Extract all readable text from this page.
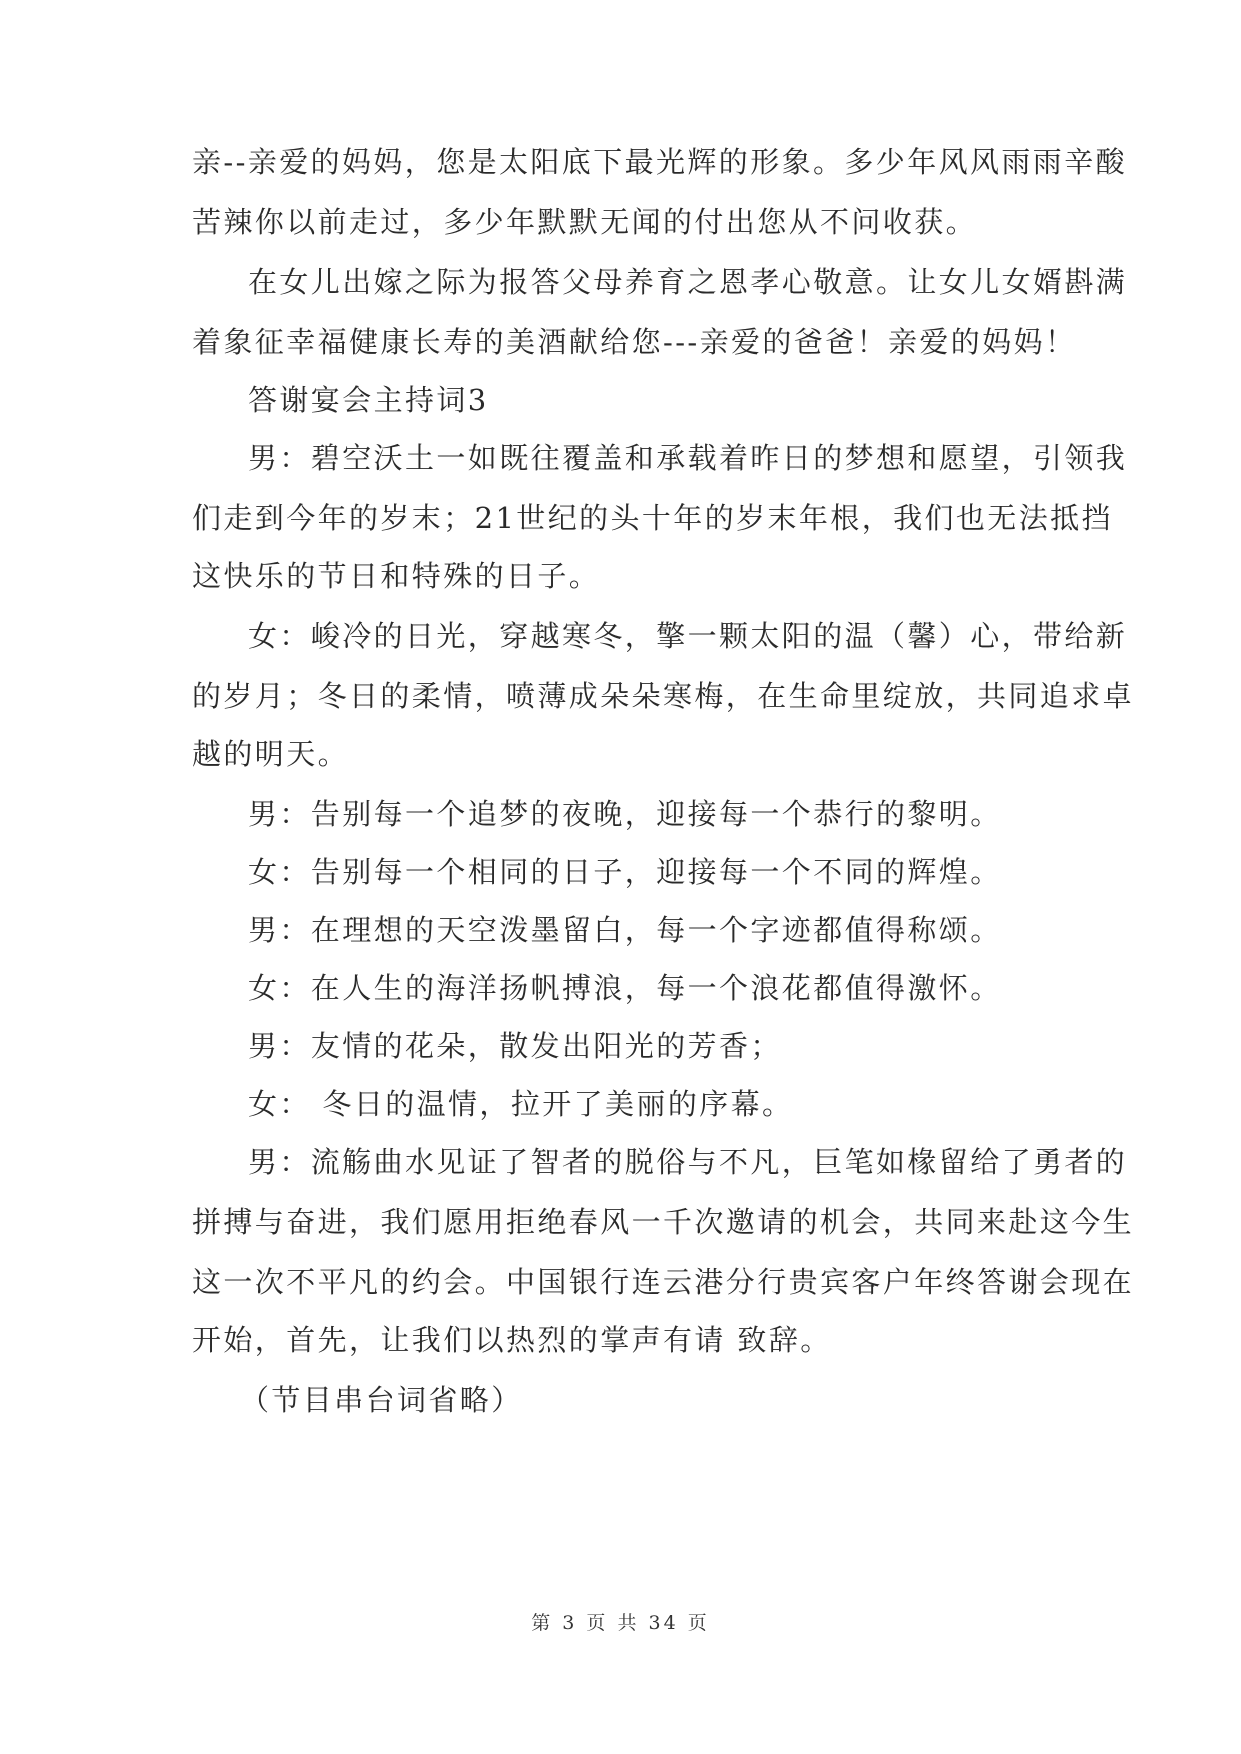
亲--亲爱的妈妈，您是太阳底下最光辉的形象。多少年风风雨雨辛酸
苦辣你以前走过，多少年默默无闻的付出您从不问收获。
在女儿出嫁之际为报答父母养育之恩孝心敬意。让女儿女婿斟满
着象征幸福健康长寿的美酒献给您---亲爱的爸爸！亲爱的妈妈！
答谢宴会主持词3
男：碧空沃土一如既往覆盖和承载着昨日的梦想和愿望，引领我
们走到今年的岁末；21世纪的头十年的岁末年根，我们也无法抵挡
这快乐的节日和特殊的日子。
女：峻冷的日光，穿越寒冬，擎一颗太阳的温（馨）心，带给新
的岁月；冬日的柔情，喷薄成朵朵寒梅，在生命里绽放，共同追求卓
越的明天。
男：告别每一个追梦的夜晚，迎接每一个恭行的黎明。
女：告别每一个相同的日子，迎接每一个不同的辉煌。
男：在理想的天空泼墨留白，每一个字迹都值得称颂。
女：在人生的海洋扬帆搏浪，每一个浪花都值得激怀。
男：友情的花朵，散发出阳光的芳香；
女： 冬日的温情，拉开了美丽的序幕。
男：流觞曲水见证了智者的脱俗与不凡，巨笔如椽留给了勇者的
拼搏与奋进，我们愿用拒绝春风一千次邀请的机会，共同来赴这今生
这一次不平凡的约会。中国银行连云港分行贵宾客户年终答谢会现在
开始，首先，让我们以热烈的掌声有请 致辞。
（节目串台词省略）
第 3 页 共 34 页
